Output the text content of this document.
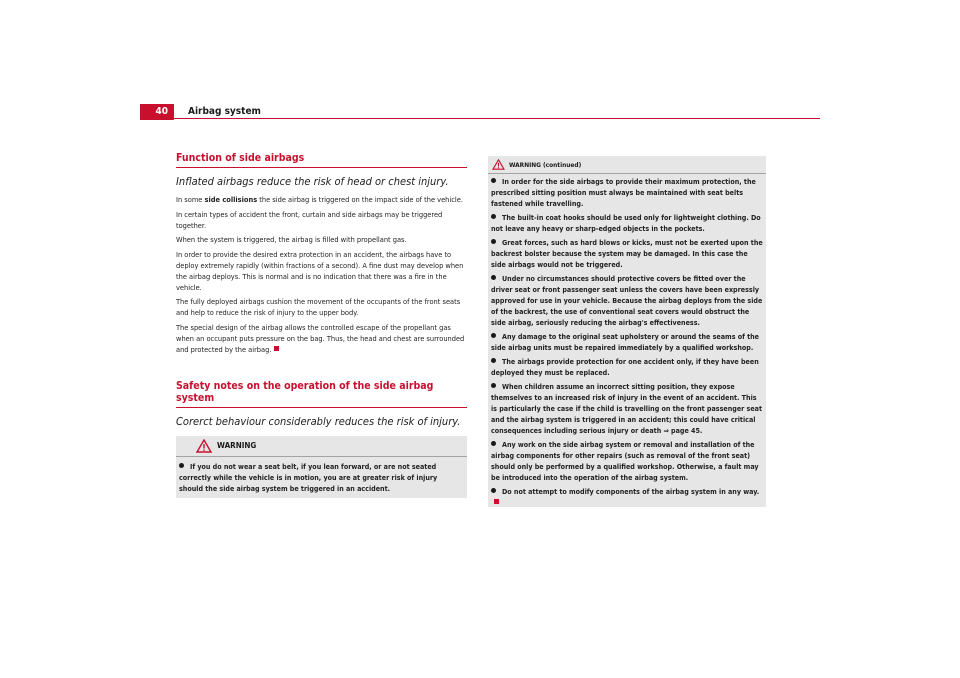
40	Airbag system
Function of side airbags
Inflated airbags reduce the risk of head or chest injury.

In some side collisions the side airbag is triggered on the impact side of the vehicle.

In certain types of accident the front, curtain and side airbags may be triggered together.

When the system is triggered, the airbag is filled with propellant gas.

In order to provide the desired extra protection in an accident, the airbags have to deploy extremely rapidly (within fractions of a second). A fine dust may develop when the airbag deploys. This is normal and is no indication that there was a fire in the vehicle.

The fully deployed airbags cushion the movement of the occupants of the front seats and help to reduce the risk of injury to the upper body.

The special design of the airbag allows the controlled escape of the propellant gas when an occupant puts pressure on the bag. Thus, the head and chest are surrounded and protected by the airbag.

Safety notes on the operation of the side airbag system
Corerct behaviour considerably reduces the risk of injury.
WARNING

If you do not wear a seat belt, if you lean forward, or are not seated correctly while the vehicle is in motion, you are at greater risk of injury should the side airbag system be triggered in an accident.

WARNING (continued)

In order for the side airbags to provide their maximum protection, the prescribed sitting position must always be maintained with seat belts fastened while travelling.

The built-in coat hooks should be used only for lightweight clothing. Do not leave any heavy or sharp-edged objects in the pockets.

Great forces, such as hard blows or kicks, must not be exerted upon the backrest bolster because the system may be damaged. In this case the side airbags would not be triggered.

Under no circumstances should protective covers be fitted over the driver seat or front passenger seat unless the covers have been expressly approved for use in your vehicle. Because the airbag deploys from the side of the backrest, the use of conventional seat covers would obstruct the side airbag, seriously reducing the airbag's effectiveness.

Any damage to the original seat upholstery or around the seams of the side airbag units must be repaired immediately by a qualified workshop.

The airbags provide protection for one accident only, if they have been deployed they must be replaced.

When children assume an incorrect sitting position, they expose themselves to an increased risk of injury in the event of an accident. This is particularly the case if the child is travelling on the front passenger seat and the airbag system is triggered in an accident; this could have critical consequences including serious injury or death ⇒ page 45.

Any work on the side airbag system or removal and installation of the airbag components for other repairs (such as removal of the front seat) should only be performed by a qualified workshop. Otherwise, a fault may be introduced into the operation of the airbag system.

Do not attempt to modify components of the airbag system in any way.
